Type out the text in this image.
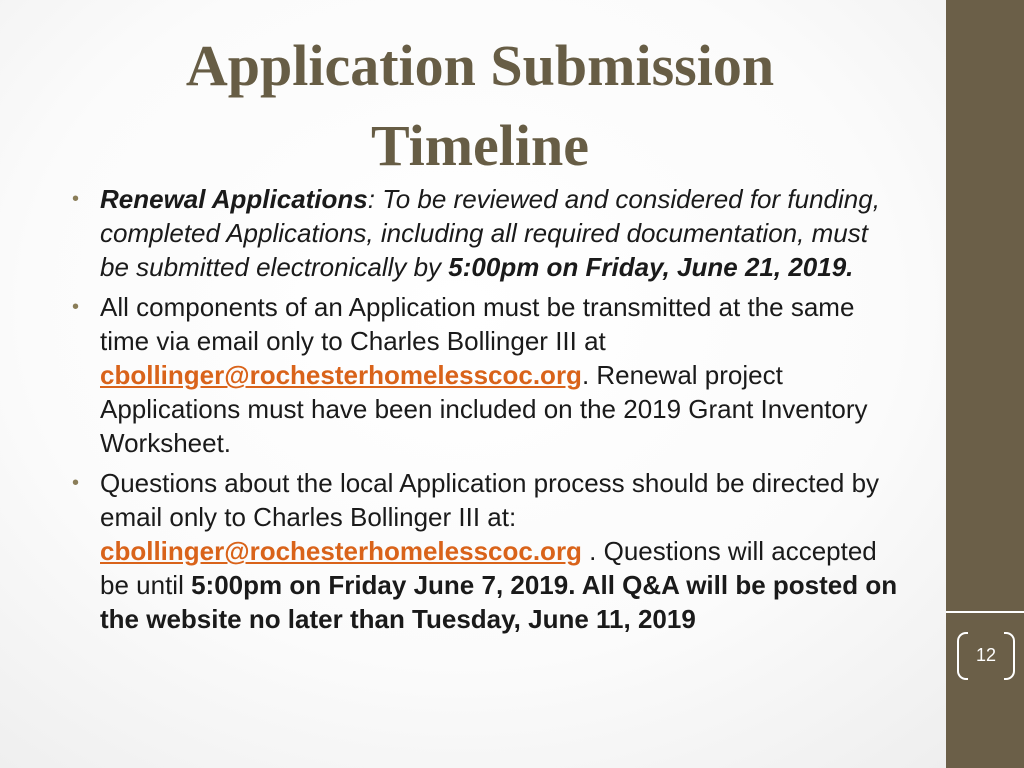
12
Application Submission
Timeline
• Renewal Applications: To be reviewed and considered for funding, completed Applications, including all required documentation, must be submitted electronically by 5:00pm on Friday, June 21, 2019.
• All components of an Application must be transmitted at the same time via email only to Charles Bollinger III at cbollinger@rochesterhomelesscoc.org. Renewal project Applications must have been included on the 2019 Grant Inventory Worksheet.
• Questions about the local Application process should be directed by email only to Charles Bollinger III at: cbollinger@rochesterhomelesscoc.org . Questions will accepted be until 5:00pm on Friday June 7, 2019. All Q&A will be posted on the website no later than Tuesday, June 11, 2019
